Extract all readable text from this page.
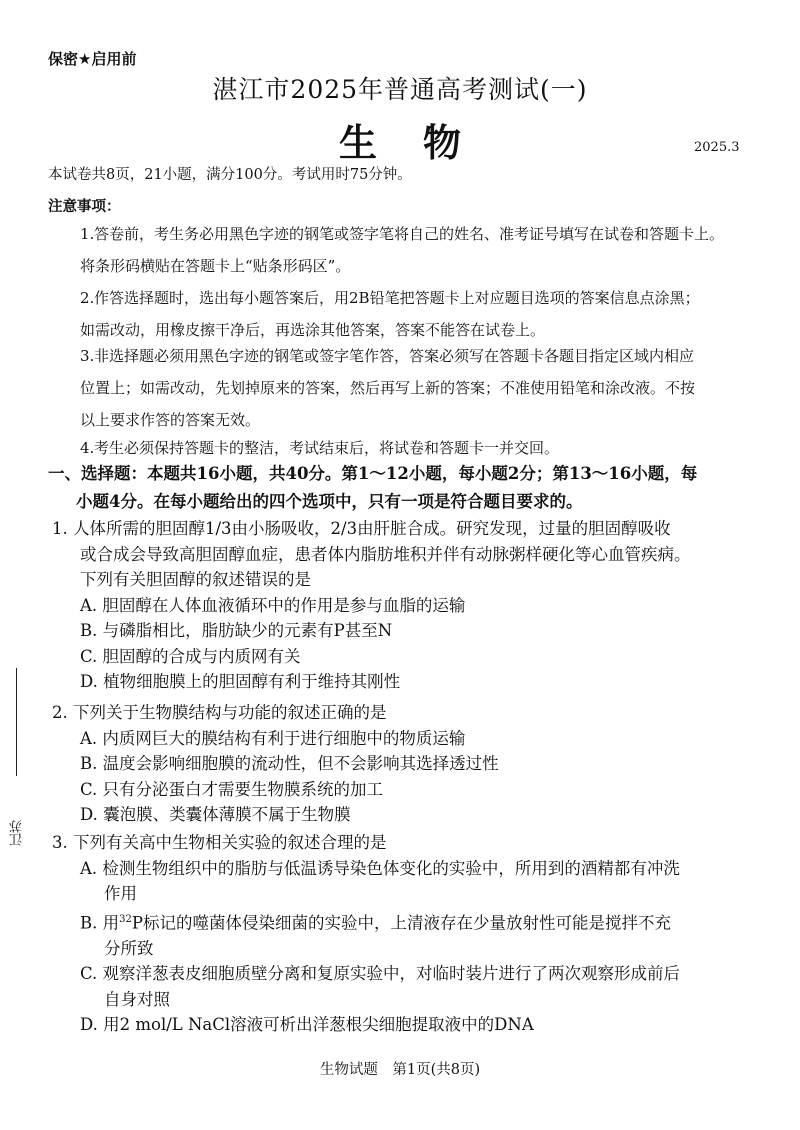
保密★启用前
湛江市2025年普通高考测试(一)
生物	2025.3
本试卷共8页，21小题，满分100分。考试用时75分钟。
注意事项：
1.答卷前，考生务必用黑色字迹的钢笔或签字笔将自己的姓名、准考证号填写在试卷和答题卡上。
将条形码横贴在答题卡上“贴条形码区”。
2.作答选择题时，选出每小题答案后，用2B铅笔把答题卡上对应题目选项的答案信息点涂黑；
如需改动，用橡皮擦干净后，再选涂其他答案，答案不能答在试卷上。
3.非选择题必须用黑色字迹的钢笔或签字笔作答，答案必须写在答题卡各题目指定区域内相应
位置上；如需改动，先划掉原来的答案，然后再写上新的答案；不准使用铅笔和涂改液。不按
以上要求作答的答案无效。
4.考生必须保持答题卡的整洁，考试结束后，将试卷和答题卡一并交回。
一、选择题：本题共16小题，共40分。第1～12小题，每小题2分；第13～16小题，每
小题4分。在每小题给出的四个选项中，只有一项是符合题目要求的。
1. 人体所需的胆固醇1/3由小肠吸收，2/3由肝脏合成。研究发现，过量的胆固醇吸收
或合成会导致高胆固醇血症，患者体内脂肪堆积并伴有动脉粥样硬化等心血管疾病。
下列有关胆固醇的叙述错误的是
A. 胆固醇在人体血液循环中的作用是参与血脂的运输
B. 与磷脂相比，脂肪缺少的元素有P甚至N
C. 胆固醇的合成与内质网有关
D. 植物细胞膜上的胆固醇有利于维持其刚性
2. 下列关于生物膜结构与功能的叙述正确的是
A. 内质网巨大的膜结构有利于进行细胞中的物质运输
B. 温度会影响细胞膜的流动性，但不会影响其选择透过性
C. 只有分泌蛋白才需要生物膜系统的加工
D. 囊泡膜、类囊体薄膜不属于生物膜
3. 下列有关高中生物相关实验的叙述合理的是
A. 检测生物组织中的脂肪与低温诱导染色体变化的实验中，所用到的酒精都有冲洗
作用
B. 用$^{32}$P标记的噬菌体侵染细菌的实验中，上清液存在少量放射性可能是搅拌不充
分所致
C. 观察洋葱表皮细胞质壁分离和复原实验中，对临时装片进行了两次观察形成前后
自身对照
D. 用2 mol/L NaCl溶液可析出洋葱根尖细胞提取液中的DNA
生物试题　第1页(共8页)
江苏
